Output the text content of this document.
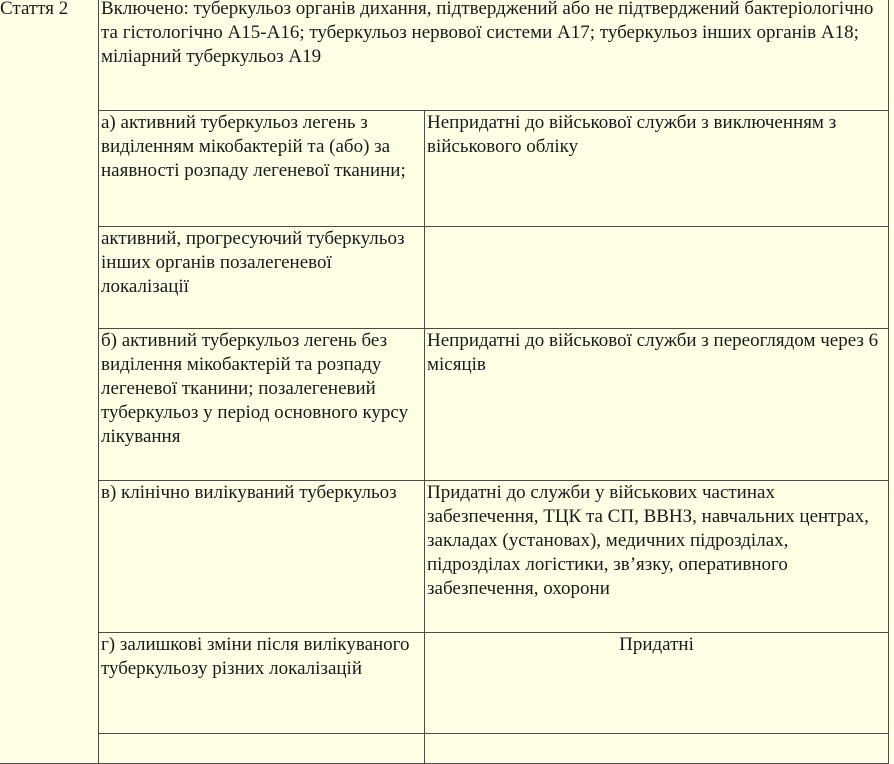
Стаття 2	Включено: туберкульоз органів дихання, підтверджений або не підтверджений бактеріологічно та гістологічно А15-А16; туберкульоз нервової системи А17; туберкульоз інших органів А18; міліарний туберкульоз А19	
	а) активний туберкульоз легень з виділенням мікобактерій та (або) за наявності розпаду легеневої тканини;	Непридатні до військової служби з виключенням з військового обліку
	активний, прогресуючий туберкульоз інших органів позалегеневої локалізації	
	б) активний туберкульоз легень без виділення мікобактерій та розпаду легеневої тканини; позалегеневий туберкульоз у період основного курсу лікування	Непридатні до військової служби з переоглядом через 6 місяців
	в) клінічно вилікуваний туберкульоз	Придатні до служби у військових частинах забезпечення, ТЦК та СП, ВВНЗ, навчальних центрах, закладах (установах), медичних підрозділах, підрозділах логістики, зв’язку, оперативного забезпечення, охорони
	г) залишкові зміни після вилікуваного туберкульозу різних локалізацій	Придатні
